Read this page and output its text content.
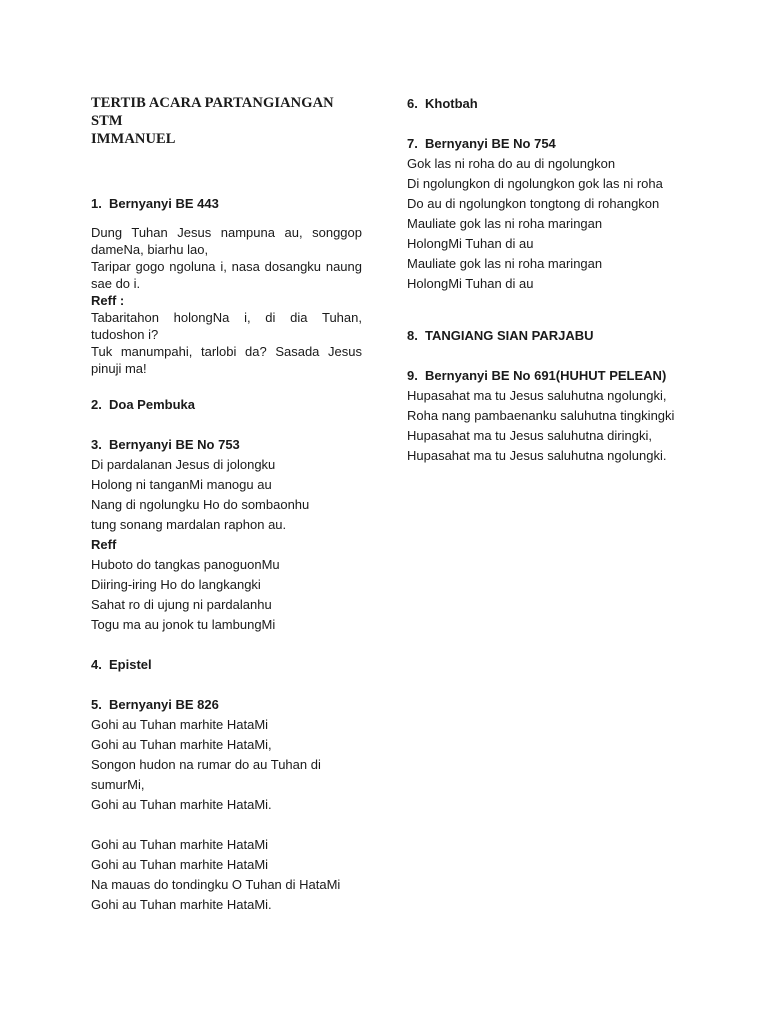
TERTIB ACARA PARTANGIANGAN STM
IMMANUEL

1. Bernyanyi BE 443

Dung Tuhan Jesus nampuna au, songgop dameNa, biarhu lao,

Taripar gogo ngoluna i, nasa dosangku naung sae do i.

Reff :

Tabaritahon holongNa i, di dia Tuhan, tudoshon i?

Tuk manumpahi, tarlobi da? Sasada Jesus pinuji ma!

2. Doa Pembuka

3. Bernyanyi BE No 753

Di pardalanan Jesus di jolongku

Holong ni tanganMi manogu au

Nang di ngolungku Ho do sombaonhu

tung sonang mardalan raphon au.

Reff

Huboto do tangkas panoguonMu

Diiring-iring Ho do langkangki

Sahat ro di ujung ni pardalanhu

Togu ma au jonok tu lambungMi

4. Epistel

5. Bernyanyi BE 826

Gohi au Tuhan marhite HataMi

Gohi au Tuhan marhite HataMi,

Songon hudon na rumar do au Tuhan di

sumurMi,

Gohi au Tuhan marhite HataMi.

Gohi au Tuhan marhite HataMi

Gohi au Tuhan marhite HataMi

Na mauas do tondingku O Tuhan di HataMi

Gohi au Tuhan marhite HataMi.

6. Khotbah

7. Bernyanyi BE No 754

Gok las ni roha do au di ngolungkon

Di ngolungkon di ngolungkon gok las ni roha

Do au di ngolungkon tongtong di rohangkon

Mauliate gok las ni roha maringan

HolongMi Tuhan di au

Mauliate gok las ni roha maringan

HolongMi Tuhan di au

8. TANGIANG SIAN PARJABU

9. Bernyanyi BE No 691(HUHUT PELEAN)

Hupasahat ma tu Jesus saluhutna ngolungki,

Roha nang pambaenanku saluhutna tingkingki

Hupasahat ma tu Jesus saluhutna diringki,

Hupasahat ma tu Jesus saluhutna ngolungki.
